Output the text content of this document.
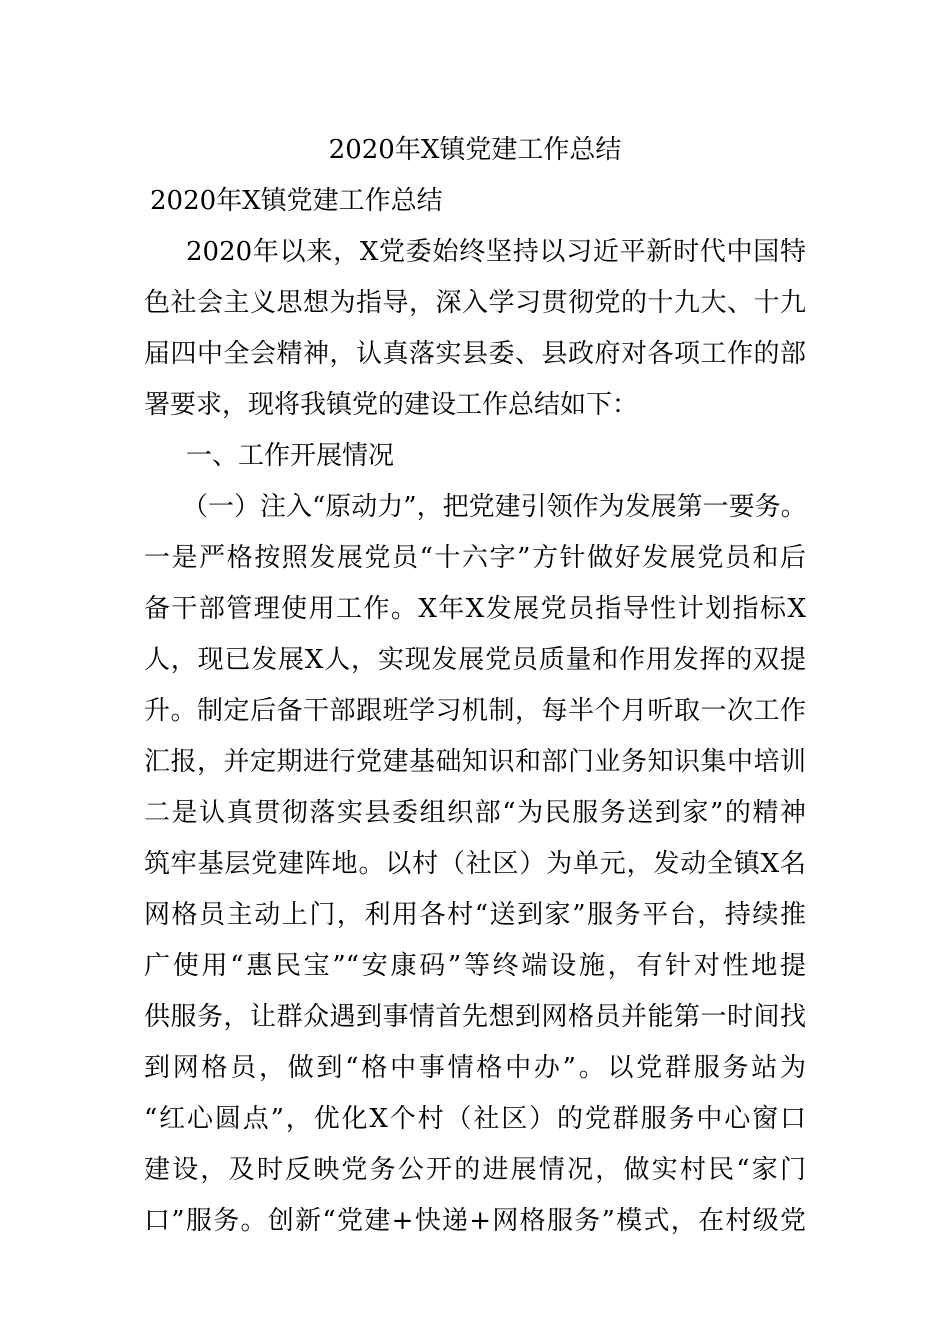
2020年X镇党建工作总结
2020年X镇党建工作总结
2020年以来，X党委始终坚持以习近平新时代中国特
色社会主义思想为指导，深入学习贯彻党的十九大、十九
届四中全会精神，认真落实县委、县政府对各项工作的部
署要求，现将我镇党的建设工作总结如下：
一、工作开展情况
（一）注入“原动力”，把党建引领作为发展第一要务。
一是严格按照发展党员“十六字”方针做好发展党员和后
备干部管理使用工作。X年X发展党员指导性计划指标X
人，现已发展X人，实现发展党员质量和作用发挥的双提
升。制定后备干部跟班学习机制，每半个月听取一次工作
汇报，并定期进行党建基础知识和部门业务知识集中培训
二是认真贯彻落实县委组织部“为民服务送到家”的精神
筑牢基层党建阵地。以村（社区）为单元，发动全镇X名
网格员主动上门，利用各村“送到家”服务平台，持续推
广使用“惠民宝”“安康码”等终端设施，有针对性地提
供服务，让群众遇到事情首先想到网格员并能第一时间找
到网格员，做到“格中事情格中办”。以党群服务站为
“红心圆点”，优化X个村（社区）的党群服务中心窗口
建设，及时反映党务公开的进展情况，做实村民“家门
口”服务。创新“党建+快递+网格服务”模式，在村级党
